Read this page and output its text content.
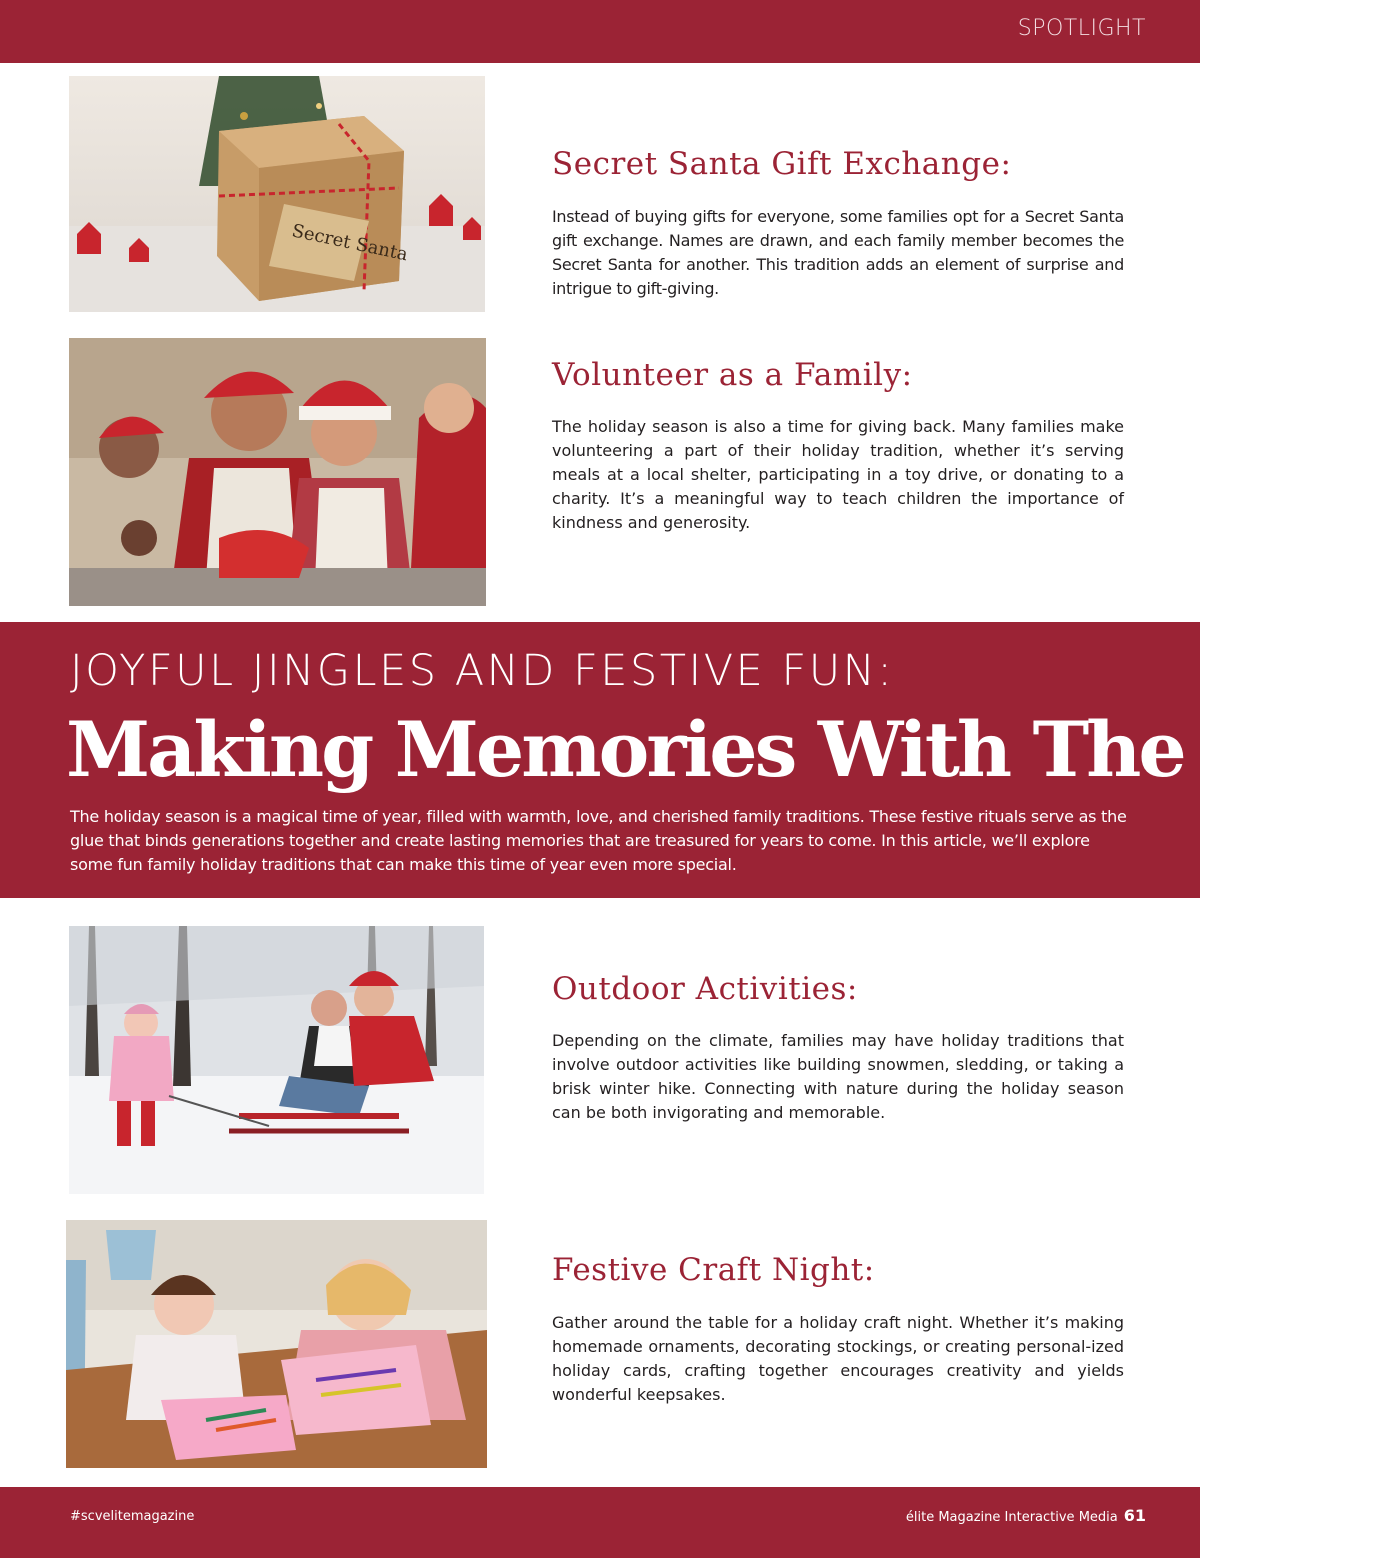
SPOTLIGHT
Secret Santa
Secret Santa Gift Exchange:

Instead of buying gifts for everyone, some families opt for a Secret Santa gift exchange. Names are drawn, and each family member becomes the Secret Santa for another. This tradition adds an element of surprise and intrigue to gift-giving.

Volunteer as a Family:

The holiday season is also a time for giving back. Many families make volunteering a part of their holiday tradition, whether it’s serving meals at a local shelter, participating in a toy drive, or donating to a charity. It’s a meaningful way to teach children the importance of kindness and generosity.

JOYFUL JINGLES AND FESTIVE FUN:
Making Memories With The Kids

The holiday season is a magical time of year, filled with warmth, love, and cherished family traditions. These festive rituals serve as the glue that binds generations together and create lasting memories that are treasured for years to come. In this article, we’ll explore some fun family holiday traditions that can make this time of year even more special.

Outdoor Activities:

Depending on the climate, families may have holiday traditions that involve outdoor activities like building snowmen, sledding, or taking a brisk winter hike. Connecting with nature during the holiday season can be both invigorating and memorable.

Festive Craft Night:

Gather around the table for a holiday craft night. Whether it’s making homemade ornaments, decorating stockings, or creating personal-ized holiday cards, crafting together encourages creativity and yields wonderful keepsakes.

#scvelitemagazine	élite Magazine Interactive Media 61
